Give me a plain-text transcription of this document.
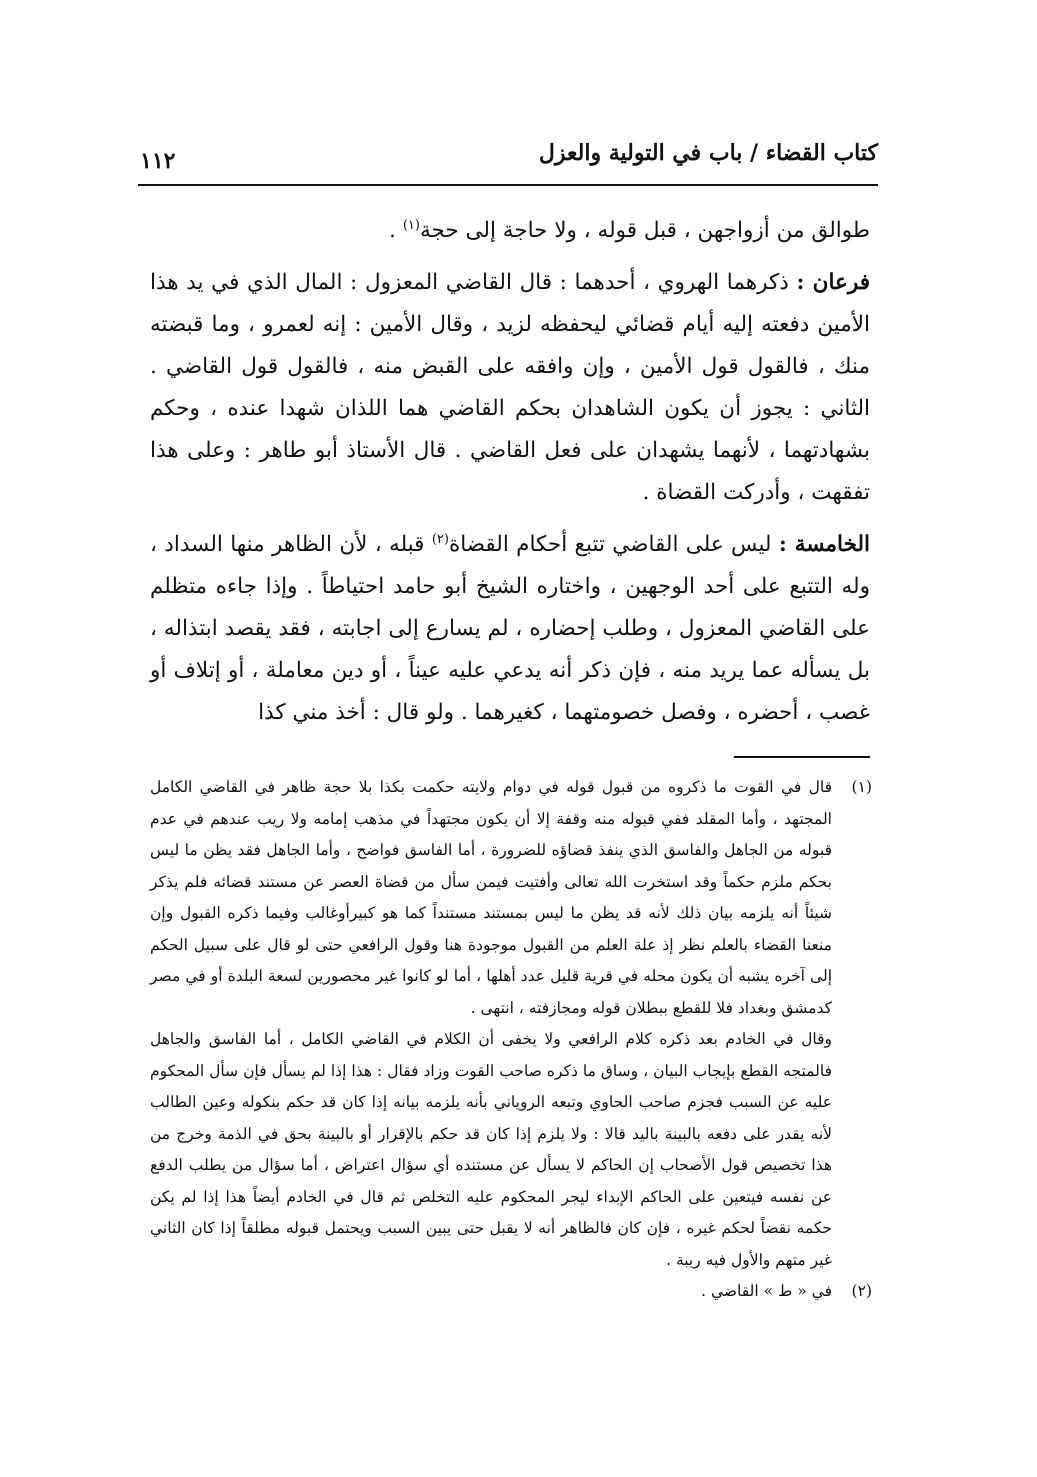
كتاب القضاء / باب في التولية والعزل
١١٢

طوالق من أزواجهن ، قبل قوله ، ولا حاجة إلى حجة$^{(١)}$ .

فرعان : ذكرهما الهروي ، أحدهما : قال القاضي المعزول : المال الذي في يد هذا الأمين دفعته إليه أيام قضائي ليحفظه لزيد ، وقال الأمين : إنه لعمرو ، وما قبضته منك ، فالقول قول الأمين ، وإن وافقه على القبض منه ، فالقول قول القاضي . الثاني : يجوز أن يكون الشاهدان بحكم القاضي هما اللذان شهدا عنده ، وحكم بشهادتهما ، لأنهما يشهدان على فعل القاضي . قال الأستاذ أبو طاهر : وعلى هذا تفقهت ، وأدركت القضاة .

الخامسة : ليس على القاضي تتبع أحكام القضاة$^{(٢)}$ قبله ، لأن الظاهر منها السداد ، وله التتبع على أحد الوجهين ، واختاره الشيخ أبو حامد احتياطاً . وإذا جاءه متظلم على القاضي المعزول ، وطلب إحضاره ، لم يسارع إلى اجابته ، فقد يقصد ابتذاله ، بل يسأله عما يريد منه ، فإن ذكر أنه يدعي عليه عيناً ، أو دين معاملة ، أو إتلاف أو غصب ، أحضره ، وفصل خصومتهما ، كغيرهما . ولو قال : أخذ مني كذا

(١)
قال في القوت ما ذكروه من قبول قوله في دوام ولايته حكمت بكذا بلا حجة ظاهر في القاضي الكامل المجتهد ، وأما المقلد ففي قبوله منه وقفة إلا أن يكون مجتهداً في مذهب إمامه ولا ريب عندهم في عدم قبوله من الجاهل والفاسق الذي ينفذ قضاؤه للضرورة ، أما الفاسق فواضح ، وأما الجاهل فقد يظن ما ليس بحكم ملزم حكماً وقد استخرت الله تعالى وأفتيت فيمن سأل من قضاة العصر عن مستند قضائه فلم يذكر شيئاً أنه يلزمه بيان ذلك لأنه قد يظن ما ليس بمستند مستنداً كما هو كبيرأوغالب وفيما ذكره القبول وإن منعنا القضاء بالعلم نظر إذ علة العلم من القبول موجودة هنا وقول الرافعي حتى لو قال على سبيل الحكم إلى آخره يشبه أن يكون محله في قرية قليل عدد أهلها ، أما لو كانوا غير محصورين لسعة البلدة أو في مصر كدمشق وبغداد فلا للقطع ببطلان قوله ومجازفته ، انتهى .

وقال في الخادم بعد ذكره كلام الرافعي ولا يخفى أن الكلام في القاضي الكامل ، أما الفاسق والجاهل فالمتجه القطع بإيجاب البيان ، وساق ما ذكره صاحب القوت وزاد فقال : هذا إذا لم يسأل فإن سأل المحكوم عليه عن السبب فجزم صاحب الحاوي وتبعه الروياني بأنه يلزمه بيانه إذا كان قد حكم بنكوله وعين الطالب لأنه يقدر على دفعه بالبينة باليد قالا : ولا يلزم إذا كان قد حكم بالإقرار أو بالبينة بحق في الذمة وخرج من هذا تخصيص قول الأصحاب إن الحاكم لا يسأل عن مستنده أي سؤال اعتراض ، أما سؤال من يطلب الدفع عن نفسه فيتعين على الحاكم الإبداء ليجر المحكوم عليه التخلص ثم قال في الخادم أيضاً هذا إذا لم يكن حكمه نقضاً لحكم غيره ، فإن كان فالظاهر أنه لا يقبل حتى يبين السبب ويحتمل قبوله مطلقاً إذا كان الثاني غير متهم والأول فيه ريبة .

(٢)
في « ط » القاضي .
